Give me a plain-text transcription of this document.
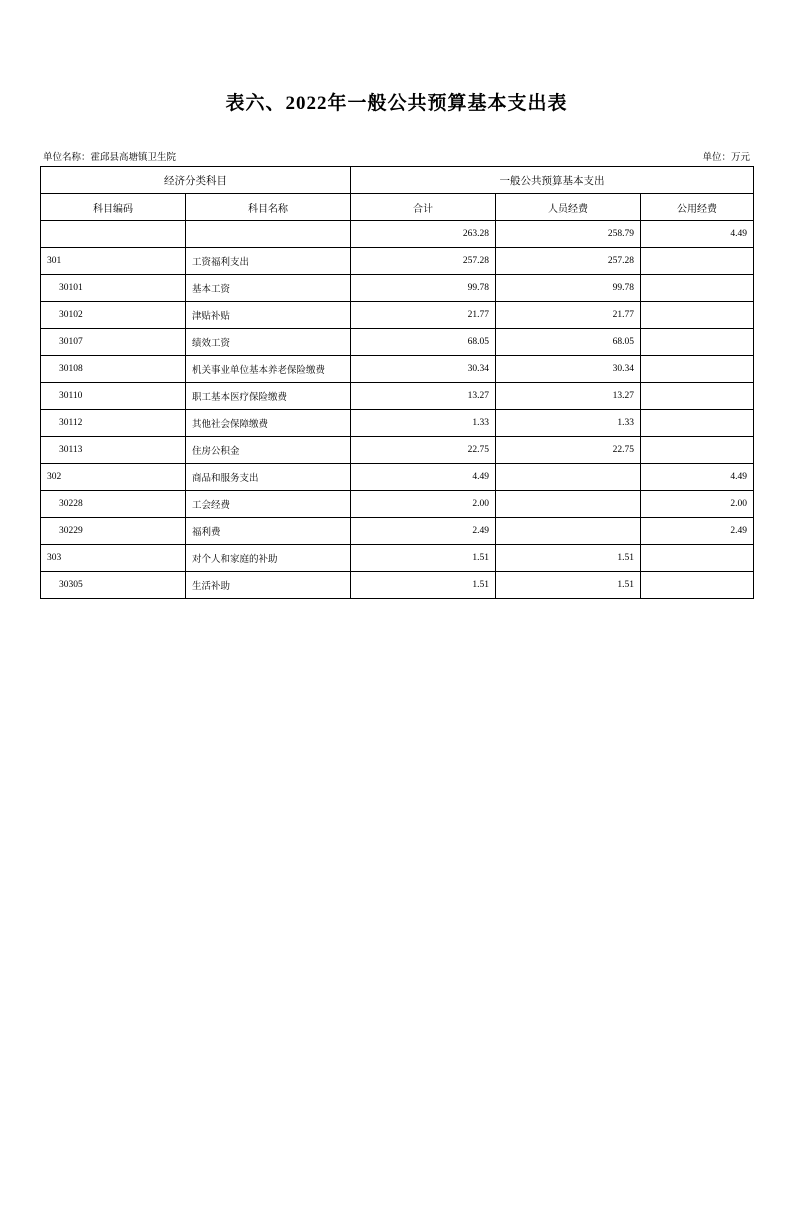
表六、2022年一般公共预算基本支出表
单位名称：霍邱县高塘镇卫生院	单位：万元
经济分类科目		一般公共预算基本支出		
科目编码	科目名称	合计	人员经费	公用经费
		263.28	258.79	4.49
301	工资福利支出	257.28	257.28	
30101	基本工资	99.78	99.78	
30102	津贴补贴	21.77	21.77	
30107	绩效工资	68.05	68.05	
30108	机关事业单位基本养老保险缴费	30.34	30.34	
30110	职工基本医疗保险缴费	13.27	13.27	
30112	其他社会保障缴费	1.33	1.33	
30113	住房公积金	22.75	22.75	
302	商品和服务支出	4.49		4.49
30228	工会经费	2.00		2.00
30229	福利费	2.49		2.49
303	对个人和家庭的补助	1.51	1.51	
30305	生活补助	1.51	1.51	
